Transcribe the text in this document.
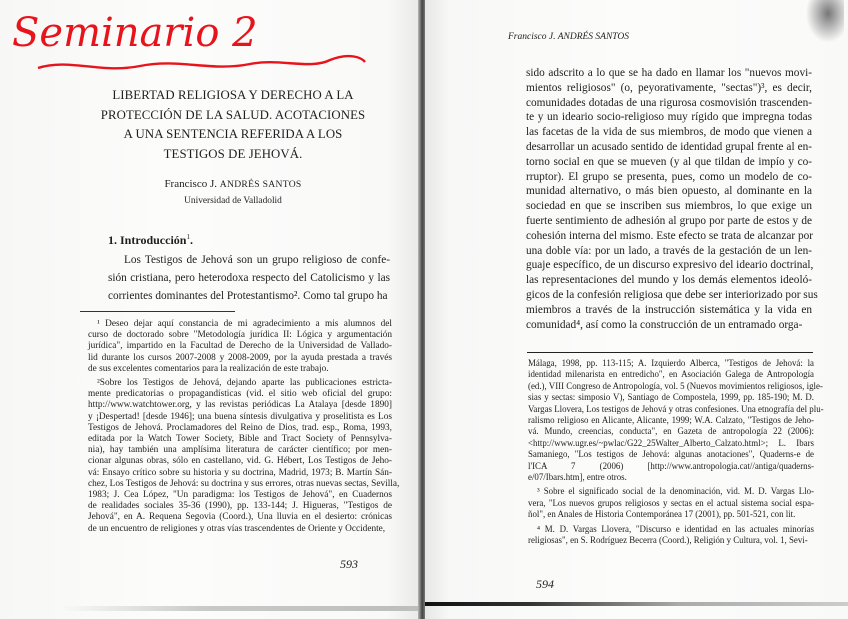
Seminario 2
LIBERTAD RELIGIOSA Y DERECHO A LA
PROTECCIÓN DE LA SALUD. ACOTACIONES
A UNA SENTENCIA REFERIDA A LOS
TESTIGOS DE JEHOVÁ.
Francisco J. ANDRÉS SANTOS
Universidad de Valladolid
1. Introducción$^1$.
Los Testigos de Jehová son un grupo religioso de confe-
sión cristiana, pero heterodoxa respecto del Catolicismo y las
corrientes dominantes del Protestantismo². Como tal grupo ha
¹ Deseo dejar aquí constancia de mi agradecimiento a mis alumnos del
curso de doctorado sobre "Metodología jurídica II: Lógica y argumentación
jurídica", impartido en la Facultad de Derecho de la Universidad de Vallado-
lid durante los cursos 2007-2008 y 2008-2009, por la ayuda prestada a través
de sus excelentes comentarios para la realización de este trabajo.
²Sobre los Testigos de Jehová, dejando aparte las publicaciones estricta-
mente predicatorias o propagandísticas (vid. el sitio web oficial del grupo:
http://www.watchtower.org, y las revistas periódicas La Atalaya [desde 1890]
y ¡Despertad! [desde 1946]; una buena síntesis divulgativa y proselitista es Los
Testigos de Jehová. Proclamadores del Reino de Dios, trad. esp., Roma, 1993,
editada por la Watch Tower Society, Bible and Tract Society of Pennsylva-
nia), hay también una amplísima literatura de carácter científico; por men-
cionar algunas obras, sólo en castellano, vid. G. Hébert, Los Testigos de Jeho-
vá: Ensayo crítico sobre su historia y su doctrina, Madrid, 1973; B. Martín Sán-
chez, Los Testigos de Jehová: su doctrina y sus errores, otras nuevas sectas, Sevilla,
1983; J. Cea López, "Un paradigma: los Testigos de Jehová", en Cuadernos
de realidades sociales 35-36 (1990), pp. 133-144; J. Higueras, "Testigos de
Jehová", en A. Requena Segovia (Coord.), Una lluvia en el desierto: crónicas
de un encuentro de religiones y otras vías trascendentes de Oriente y Occidente,
593
Francisco J. ANDRÉS SANTOS
sido adscrito a lo que se ha dado en llamar los "nuevos movi-
mientos religiosos" (o, peyorativamente, "sectas")³, es decir,
comunidades dotadas de una rigurosa cosmovisión trascenden-
te y un ideario socio-religioso muy rígido que impregna todas
las facetas de la vida de sus miembros, de modo que vienen a
desarrollar un acusado sentido de identidad grupal frente al en-
torno social en que se mueven (y al que tildan de impío y co-
rruptor). El grupo se presenta, pues, como un modelo de co-
munidad alternativo, o más bien opuesto, al dominante en la
sociedad en que se inscriben sus miembros, lo que exige un
fuerte sentimiento de adhesión al grupo por parte de estos y de
cohesión interna del mismo. Este efecto se trata de alcanzar por
una doble vía: por un lado, a través de la gestación de un len-
guaje específico, de un discurso expresivo del ideario doctrinal,
las representaciones del mundo y los demás elementos ideoló-
gicos de la confesión religiosa que debe ser interiorizado por sus
miembros a través de la instrucción sistemática y la vida en
comunidad⁴, así como la construcción de un entramado orga-
Málaga, 1998, pp. 113-115; A. Izquierdo Alberca, "Testigos de Jehová: la
identidad milenarista en entredicho", en Asociación Galega de Antropología
(ed.), VIII Congreso de Antropología, vol. 5 (Nuevos movimientos religiosos, igle-
sias y sectas: simposio V), Santiago de Compostela, 1999, pp. 185-190; M. D.
Vargas Llovera, Los testigos de Jehová y otras confesiones. Una etnografía del plu-
ralismo religioso en Alicante, Alicante, 1999; W.A. Calzato, "Testigos de Jeho-
vá. Mundo, creencias, conducta", en Gazeta de antropología 22 (2006):
<http://www.ugr.es/~pwlac/G22_25Walter_Alberto_Calzato.html>; L. Ibars
Samaniego, "Los testigos de Jehová: algunas anotaciones", Quaderns-e de
l'ICA 7 (2006) [http://www.antropologia.cat//antiga/quaderns-
e/07/Ibars.htm], entre otros.
³ Sobre el significado social de la denominación, vid. M. D. Vargas Llo-
vera, "Los nuevos grupos religiosos y sectas en el actual sistema social espa-
ñol", en Anales de Historia Contemporánea 17 (2001), pp. 501-521, con lit.
⁴ M. D. Vargas Llovera, "Discurso e identidad en las actuales minorías
religiosas", en S. Rodríguez Becerra (Coord.), Religión y Cultura, vol. 1, Sevi-
594
